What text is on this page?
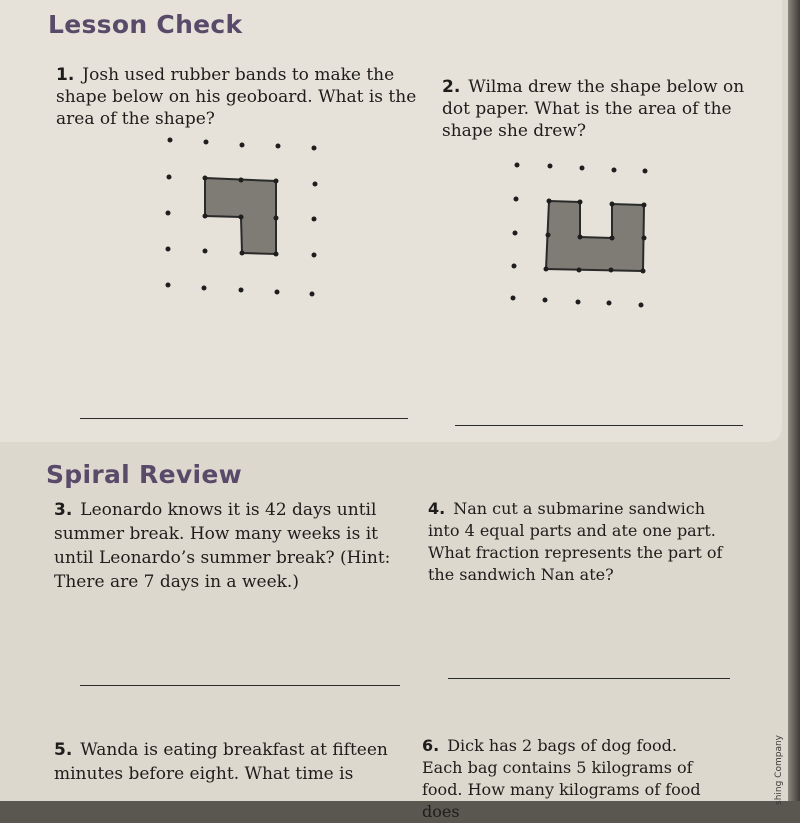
Lesson Check

1. Josh used rubber bands to make the shape below on his geoboard. What is the area of the shape?

2. Wilma drew the shape below on dot paper. What is the area of the shape she drew?

Spiral Review

3. Leonardo knows it is 42 days until summer break. How many weeks is it until Leonardo’s summer break? (Hint: There are 7 days in a week.)

4. Nan cut a submarine sandwich into 4 equal parts and ate one part. What fraction represents the part of the sandwich Nan ate?

5. Wanda is eating breakfast at fifteen minutes before eight. What time is

6. Dick has 2 bags of dog food. Each bag contains 5 kilograms of food. How many kilograms of food does

shing Company
